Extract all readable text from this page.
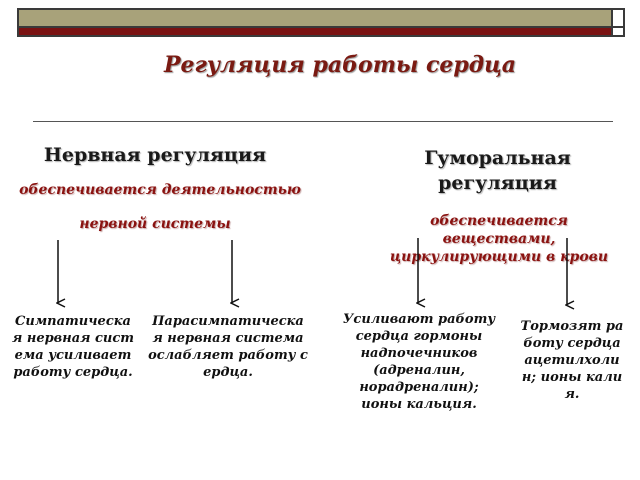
Регуляция работы сердца
Нервная регуляция
обеспечивается деятельностью
нервной системы
Гуморальная регуляция
обеспечивается веществами, циркулирующими в крови
Симпатическая нервная система усиливает работу сердца.
Парасимпатическая нервная система ослабляет работу сердца.
Усиливают работу сердца гормоны надпочечников (адреналин, норадреналин); ионы кальция.
Тормозят работу сердца ацетилхолин; ионы калия.
